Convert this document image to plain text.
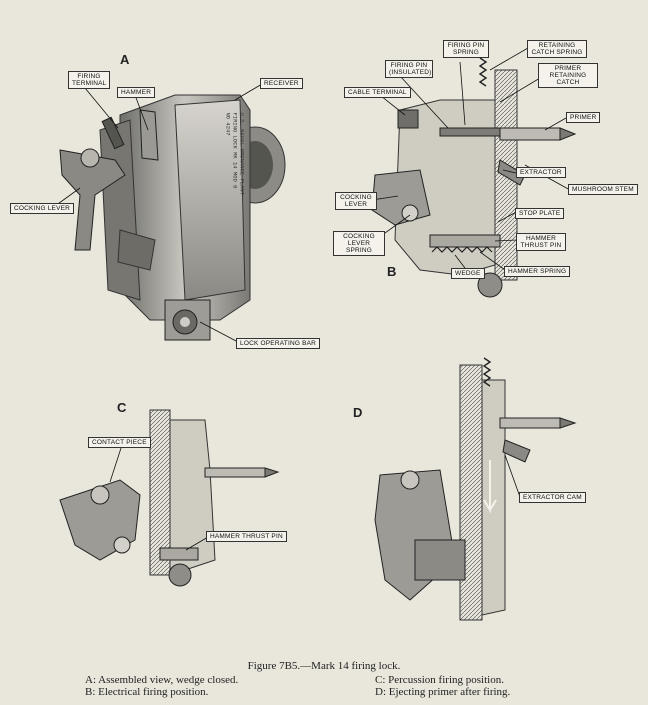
A
B
C	D
U.S. NAVAL ORDNANCE PLANT
FIRING LOCK MK 14 MOD 0
NO 4247
FIRING TERMINAL
HAMMER
RECEIVER
COCKING LEVER
LOCK OPERATING BAR
FIRING PIN SPRING
RETAINING CATCH SPRING
FIRING PIN (INSULATED)
PRIMER RETAINING CATCH
CABLE TERMINAL
PRIMER
MUSHROOM STEM
COCKING LEVER
EXTRACTOR
STOP PLATE
COCKING LEVER SPRING
HAMMER THRUST PIN
WEDGE	HAMMER SPRING
CONTACT PIECE
HAMMER THRUST PIN
EXTRACTOR CAM
Figure 7B5.—Mark 14 firing lock.
A: Assembled view, wedge closed.
B: Electrical firing position.
C: Percussion firing position.
D: Ejecting primer after firing.
